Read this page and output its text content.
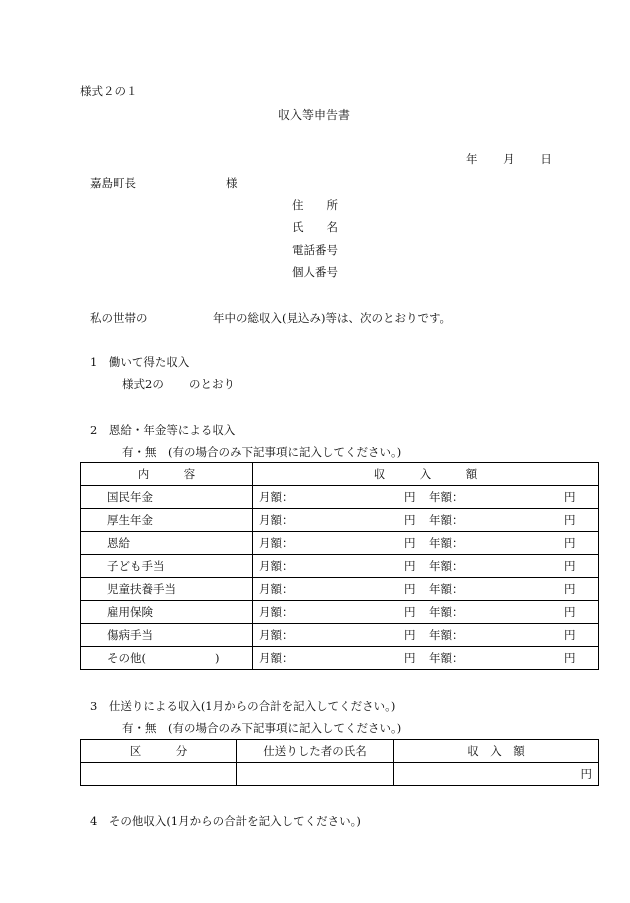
様式２の１
収入等申告書
年 月 日
嘉島町長	様
住　　所
氏　　名
電話番号
個人番号
私の世帯の	年中の総収入(見込み)等は、次のとおりです。
1　働いて得た収入
様式2の のとおり
2　恩給・年金等による収入
有・無　(有の場合のみ下記事項に記入してください。)
内　　　容	収　　　入　　　額
国民年金	月額： 円 年額： 円

厚生年金	月額： 円 年額： 円

恩給	月額： 円 年額： 円

子ども手当	月額： 円 年額： 円

児童扶養手当	月額： 円 年額： 円

雇用保険	月額： 円 年額： 円

傷病手当	月額： 円 年額： 円

その他(　　　　　　)	月額： 円 年額： 円
3　仕送りによる収入(1月からの合計を記入してください。)
有・無　(有の場合のみ下記事項に記入してください。)
区　　　分	仕送りした者の氏名	収　入　額

		円
4　その他収入(1月からの合計を記入してください。)
